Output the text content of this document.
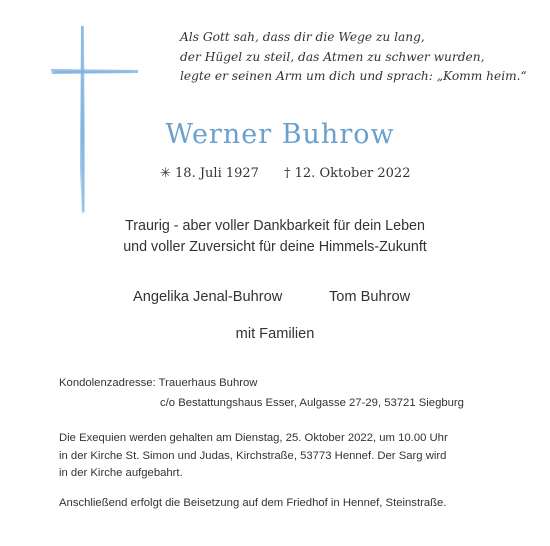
Als Gott sah, dass dir die Wege zu lang,
der Hügel zu steil, das Atmen zu schwer wurden,
legte er seinen Arm um dich und sprach: „Komm heim.“
Werner Buhrow
✳ 18. Juli 1927 † 12. Oktober 2022
Traurig - aber voller Dankbarkeit für dein Leben
und voller Zuversicht für deine Himmels-Zukunft
Angelika Jenal-Buhrow	Tom Buhrow
mit Familien
Kondolenzadresse: Trauerhaus Buhrow
c/o Bestattungshaus Esser, Aulgasse 27-29, 53721 Siegburg
Die Exequien werden gehalten am Dienstag, 25. Oktober 2022, um 10.00 Uhr
in der Kirche St. Simon und Judas, Kirchstraße, 53773 Hennef. Der Sarg wird
in der Kirche aufgebahrt.
Anschließend erfolgt die Beisetzung auf dem Friedhof in Hennef, Steinstraße.
